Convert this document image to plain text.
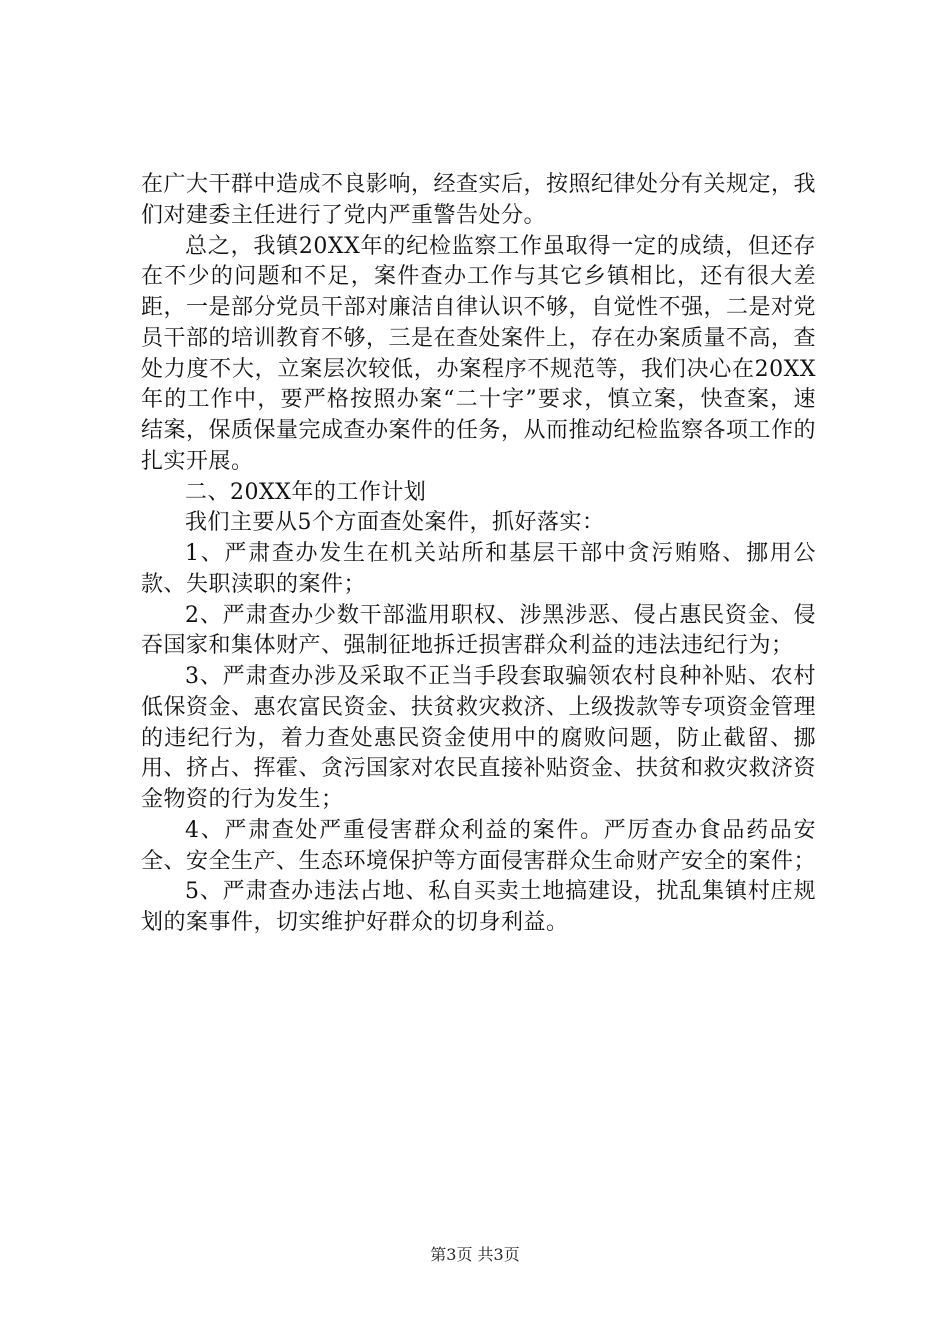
在广大干群中造成不良影响，经查实后，按照纪律处分有关规定，我们对建委主任进行了党内严重警告处分。

总之，我镇20XX年的纪检监察工作虽取得一定的成绩，但还存在不少的问题和不足，案件查办工作与其它乡镇相比，还有很大差距，一是部分党员干部对廉洁自律认识不够，自觉性不强，二是对党员干部的培训教育不够，三是在查处案件上，存在办案质量不高，查处力度不大，立案层次较低，办案程序不规范等，我们决心在20XX年的工作中，要严格按照办案“二十字”要求，慎立案，快查案，速结案，保质保量完成查办案件的任务，从而推动纪检监察各项工作的扎实开展。

二、20XX年的工作计划

我们主要从5个方面查处案件，抓好落实：

1、严肃查办发生在机关站所和基层干部中贪污贿赂、挪用公款、失职渎职的案件；

2、严肃查办少数干部滥用职权、涉黑涉恶、侵占惠民资金、侵吞国家和集体财产、强制征地拆迁损害群众利益的违法违纪行为；

3、严肃查办涉及采取不正当手段套取骗领农村良种补贴、农村低保资金、惠农富民资金、扶贫救灾救济、上级拨款等专项资金管理的违纪行为，着力查处惠民资金使用中的腐败问题，防止截留、挪用、挤占、挥霍、贪污国家对农民直接补贴资金、扶贫和救灾救济资金物资的行为发生；

4、严肃查处严重侵害群众利益的案件。严厉查办食品药品安全、安全生产、生态环境保护等方面侵害群众生命财产安全的案件；

5、严肃查办违法占地、私自买卖土地搞建设，扰乱集镇村庄规划的案事件，切实维护好群众的切身利益。

第3页 共3页
